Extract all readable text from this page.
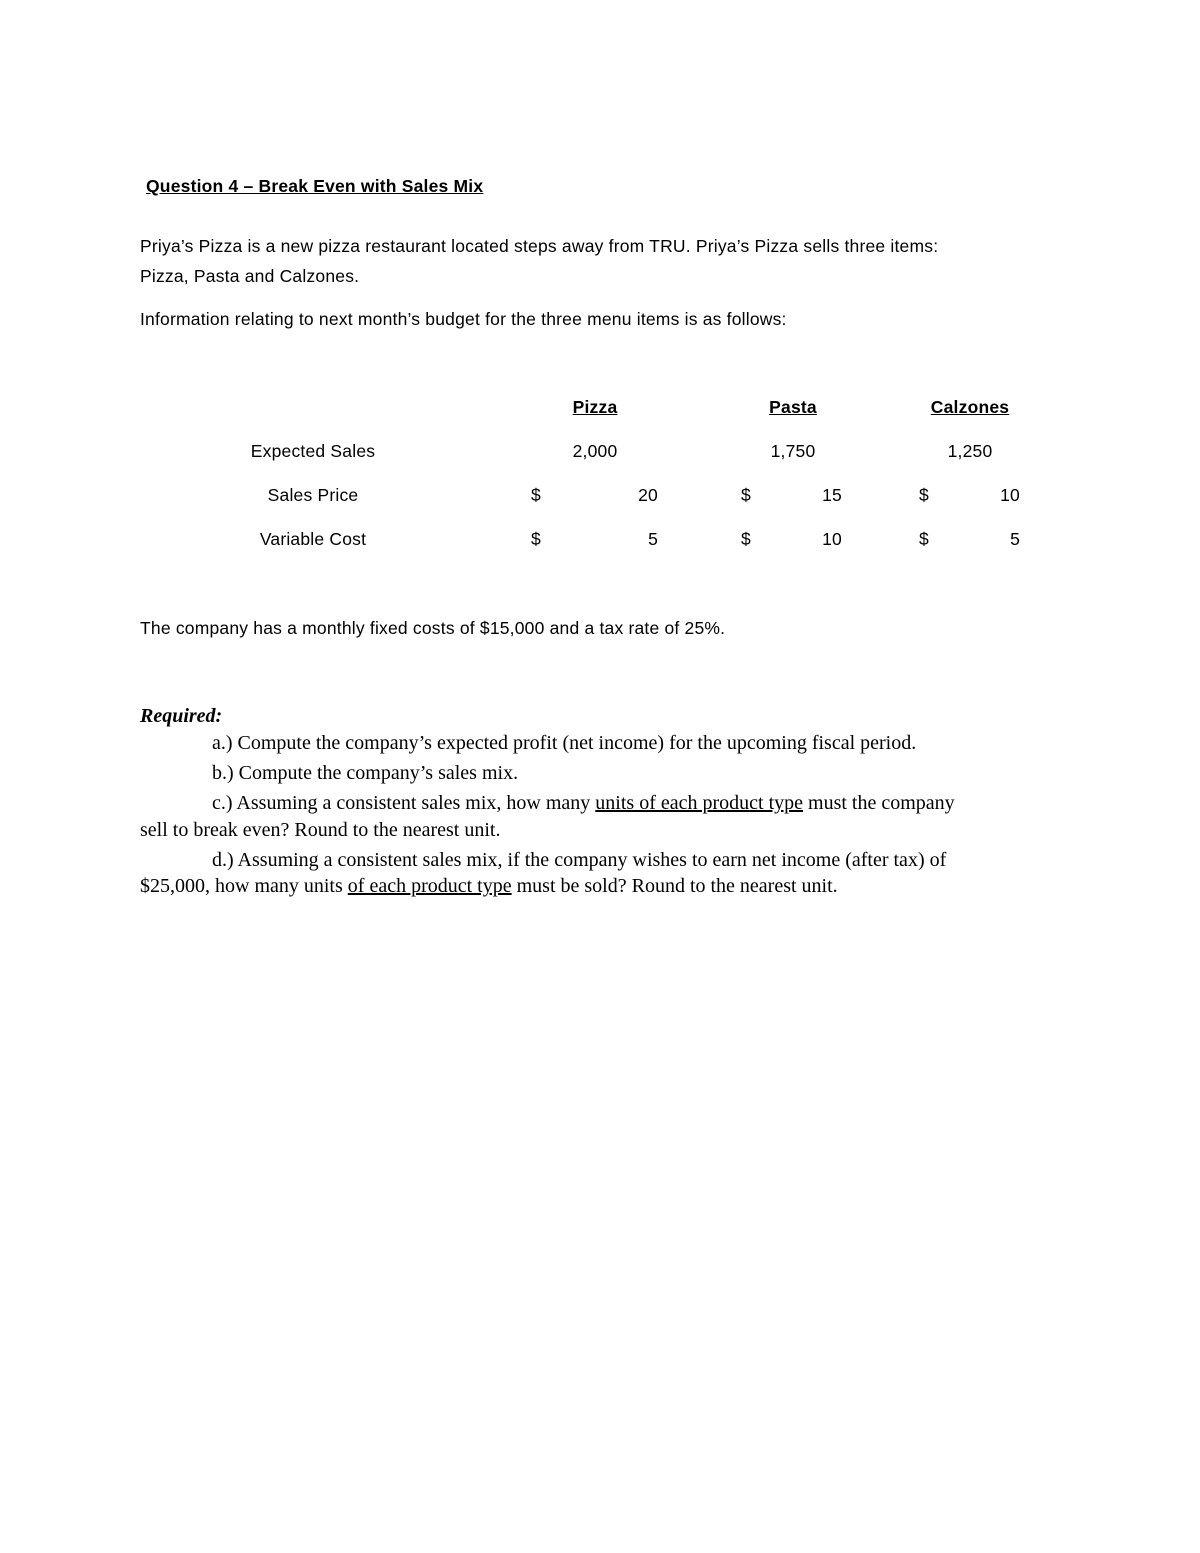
Question 4 – Break Even with Sales Mix
Priya’s Pizza is a new pizza restaurant located steps away from TRU. Priya’s Pizza sells three items:
Pizza, Pasta and Calzones.
Information relating to next month’s budget for the three menu items is as follows:
Pizza	Pasta	Calzones
Expected Sales	2,000	1,750	1,250
Sales Price	$	20	$	15	$	10
Variable Cost	$	5	$	10	$	5
The company has a monthly fixed costs of $15,000 and a tax rate of 25%.
Required:
a.) Compute the company’s expected profit (net income) for the upcoming fiscal period.
b.) Compute the company’s sales mix.
c.) Assuming a consistent sales mix, how many units of each product type must the company
sell to break even? Round to the nearest unit.
d.) Assuming a consistent sales mix, if the company wishes to earn net income (after tax) of
$25,000, how many units of each product type must be sold? Round to the nearest unit.
